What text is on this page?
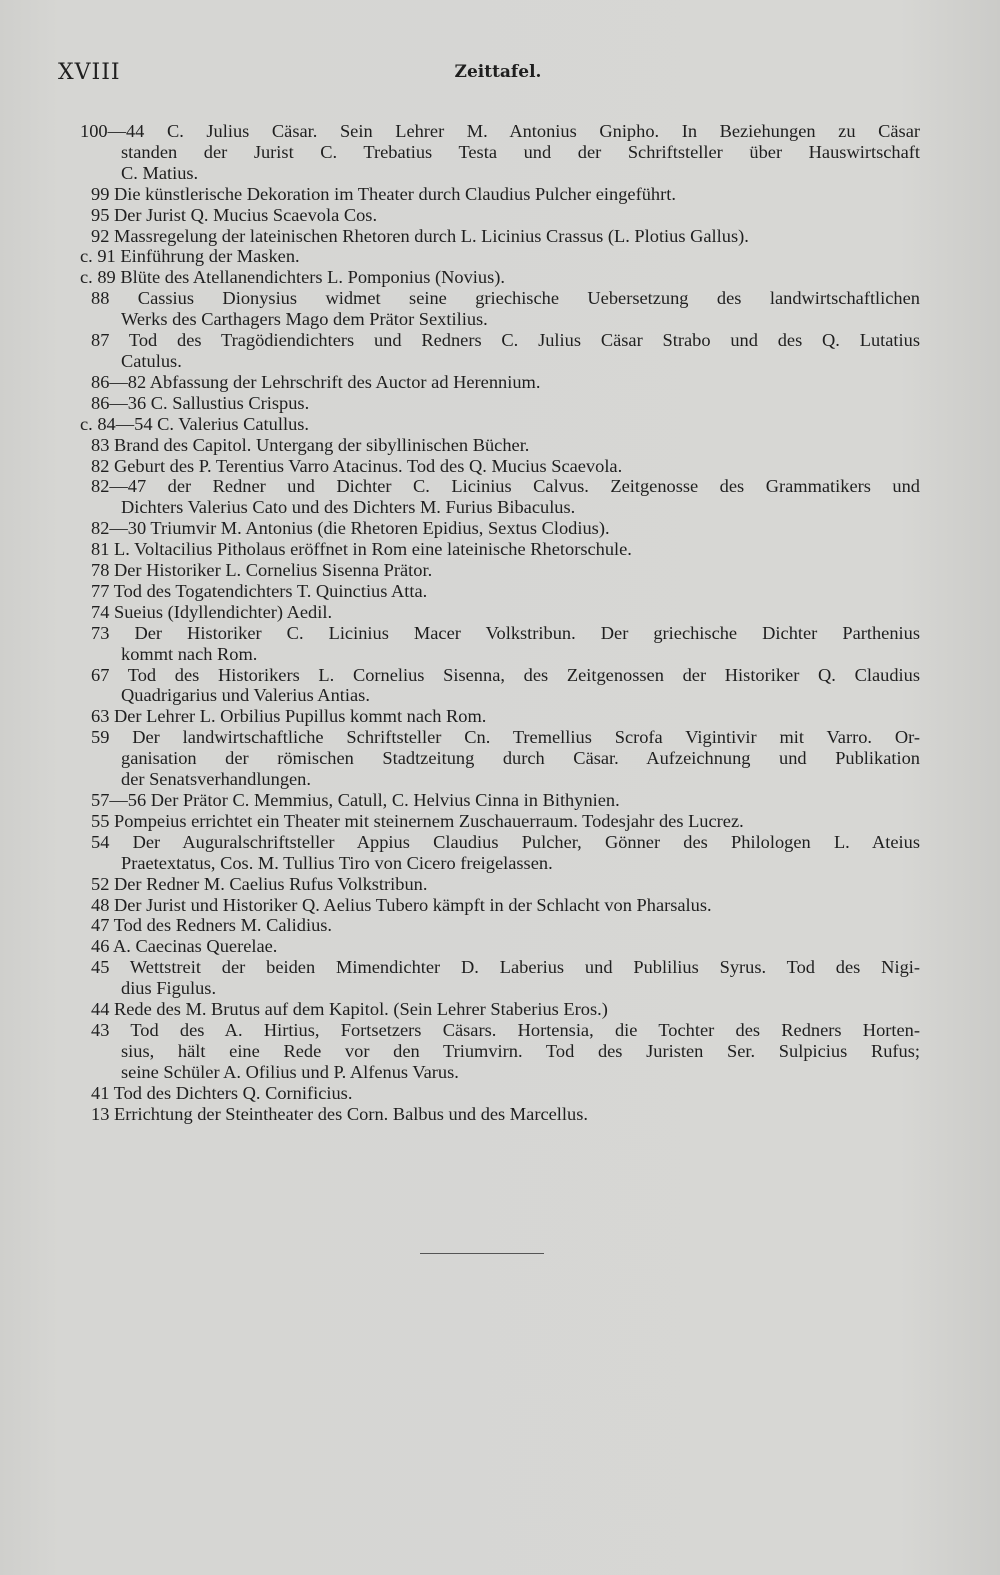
XVIII	Zeittafel.
100—44 C. Julius Cäsar. Sein Lehrer M. Antonius Gnipho. In Beziehungen zu Cäsar
standen der Jurist C. Trebatius Testa und der Schriftsteller über Hauswirtschaft
C. Matius.
99 Die künstlerische Dekoration im Theater durch Claudius Pulcher eingeführt.
95 Der Jurist Q. Mucius Scaevola Cos.
92 Massregelung der lateinischen Rhetoren durch L. Licinius Crassus (L. Plotius Gallus).
c. 91 Einführung der Masken.
c. 89 Blüte des Atellanendichters L. Pomponius (Novius).
88 Cassius Dionysius widmet seine griechische Uebersetzung des landwirtschaftlichen
Werks des Carthagers Mago dem Prätor Sextilius.
87 Tod des Tragödiendichters und Redners C. Julius Cäsar Strabo und des Q. Lutatius
Catulus.
86—82 Abfassung der Lehrschrift des Auctor ad Herennium.
86—36 C. Sallustius Crispus.
c. 84—54 C. Valerius Catullus.
83 Brand des Capitol. Untergang der sibyllinischen Bücher.
82 Geburt des P. Terentius Varro Atacinus. Tod des Q. Mucius Scaevola.
82—47 der Redner und Dichter C. Licinius Calvus. Zeitgenosse des Grammatikers und
Dichters Valerius Cato und des Dichters M. Furius Bibaculus.
82—30 Triumvir M. Antonius (die Rhetoren Epidius, Sextus Clodius).
81 L. Voltacilius Pitholaus eröffnet in Rom eine lateinische Rhetorschule.
78 Der Historiker L. Cornelius Sisenna Prätor.
77 Tod des Togatendichters T. Quinctius Atta.
74 Sueius (Idyllendichter) Aedil.
73 Der Historiker C. Licinius Macer Volkstribun. Der griechische Dichter Parthenius
kommt nach Rom.
67 Tod des Historikers L. Cornelius Sisenna, des Zeitgenossen der Historiker Q. Claudius
Quadrigarius und Valerius Antias.
63 Der Lehrer L. Orbilius Pupillus kommt nach Rom.
59 Der landwirtschaftliche Schriftsteller Cn. Tremellius Scrofa Vigintivir mit Varro. Or-
ganisation der römischen Stadtzeitung durch Cäsar. Aufzeichnung und Publikation
der Senatsverhandlungen.
57—56 Der Prätor C. Memmius, Catull, C. Helvius Cinna in Bithynien.
55 Pompeius errichtet ein Theater mit steinernem Zuschauerraum. Todesjahr des Lucrez.
54 Der Auguralschriftsteller Appius Claudius Pulcher, Gönner des Philologen L. Ateius
Praetextatus, Cos. M. Tullius Tiro von Cicero freigelassen.
52 Der Redner M. Caelius Rufus Volkstribun.
48 Der Jurist und Historiker Q. Aelius Tubero kämpft in der Schlacht von Pharsalus.
47 Tod des Redners M. Calidius.
46 A. Caecinas Querelae.
45 Wettstreit der beiden Mimendichter D. Laberius und Publilius Syrus. Tod des Nigi-
dius Figulus.
44 Rede des M. Brutus auf dem Kapitol. (Sein Lehrer Staberius Eros.)
43 Tod des A. Hirtius, Fortsetzers Cäsars. Hortensia, die Tochter des Redners Horten-
sius, hält eine Rede vor den Triumvirn. Tod des Juristen Ser. Sulpicius Rufus;
seine Schüler A. Ofilius und P. Alfenus Varus.
41 Tod des Dichters Q. Cornificius.
13 Errichtung der Steintheater des Corn. Balbus und des Marcellus.
